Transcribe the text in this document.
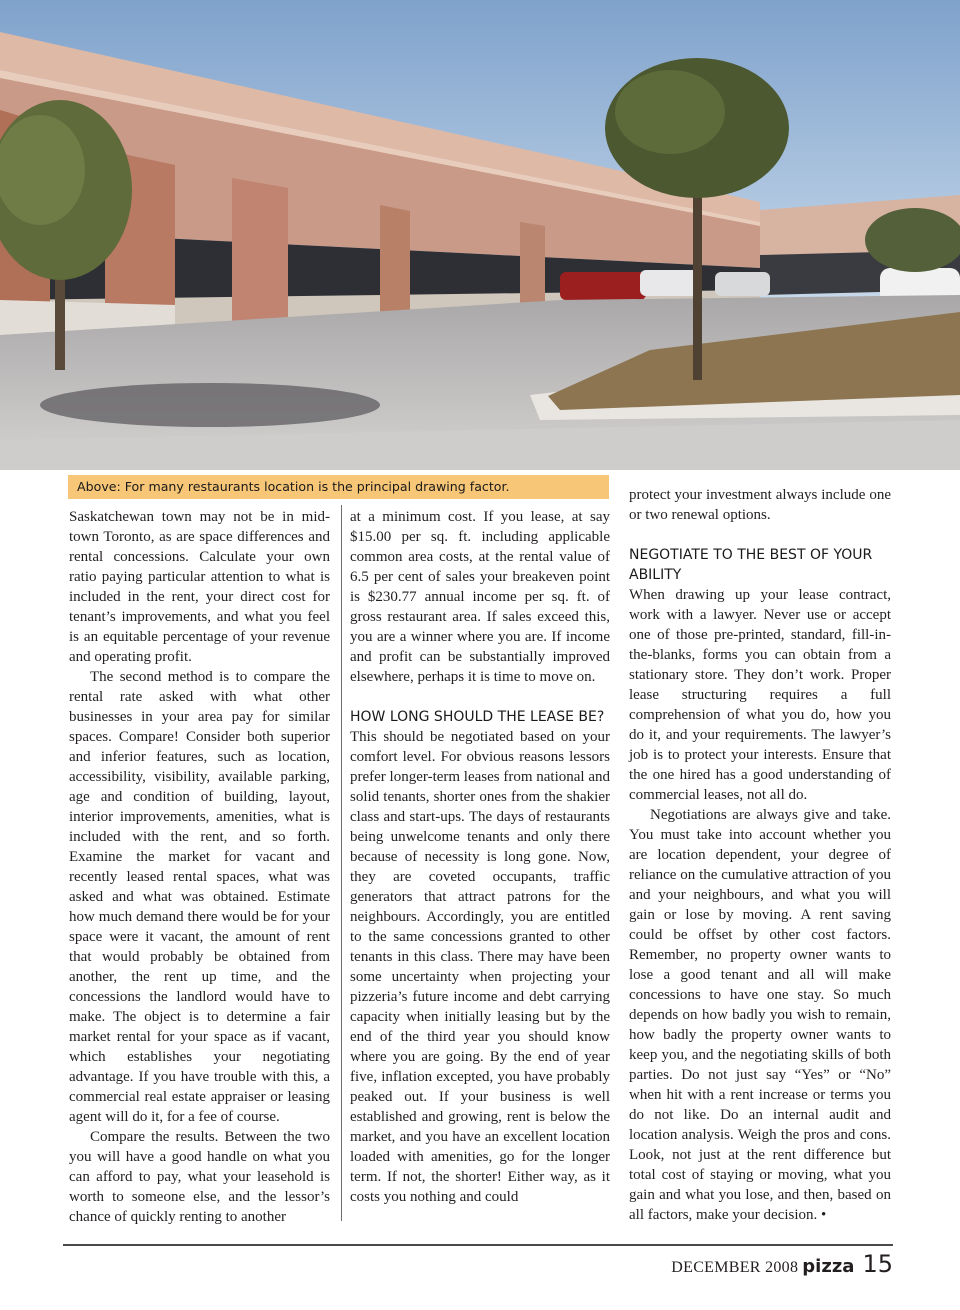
Above: For many restaurants location is the principal drawing factor.

Saskatchewan town may not be in mid-town Toronto, as are space differences and rental concessions. Calculate your own ratio paying particular attention to what is included in the rent, your direct cost for tenant’s improvements, and what you feel is an equitable percentage of your revenue and operating profit.

The second method is to compare the rental rate asked with what other businesses in your area pay for similar spaces. Compare! Consider both superior and inferior features, such as location, accessibility, visibility, available parking, age and condition of building, layout, interior improvements, amenities, what is included with the rent, and so forth. Examine the market for vacant and recently leased rental spaces, what was asked and what was obtained. Estimate how much demand there would be for your space were it vacant, the amount of rent that would probably be obtained from another, the rent up time, and the concessions the landlord would have to make. The object is to determine a fair market rental for your space as if vacant, which establishes your negotiating advantage. If you have trouble with this, a commercial real estate appraiser or leasing agent will do it, for a fee of course.

Compare the results. Between the two you will have a good handle on what you can afford to pay, what your leasehold is worth to someone else, and the lessor’s chance of quickly renting to another

at a minimum cost. If you lease, at say $15.00 per sq. ft. including applicable common area costs, at the rental value of 6.5 per cent of sales your breakeven point is $230.77 annual income per sq. ft. of gross restaurant area. If sales exceed this, you are a winner where you are. If income and profit can be substantially improved elsewhere, perhaps it is time to move on.

HOW LONG SHOULD THE LEASE BE?

This should be negotiated based on your comfort level. For obvious reasons lessors prefer longer-term leases from national and solid tenants, shorter ones from the shakier class and start-ups. The days of restaurants being unwelcome tenants and only there because of necessity is long gone. Now, they are coveted occupants, traffic generators that attract patrons for the neighbours. Accordingly, you are entitled to the same concessions granted to other tenants in this class. There may have been some uncertainty when projecting your pizzeria’s future income and debt carrying capacity when initially leasing but by the end of the third year you should know where you are going. By the end of year five, inflation excepted, you have probably peaked out. If your business is well established and growing, rent is below the market, and you have an excellent location loaded with amenities, go for the longer term. If not, the shorter! Either way, as it costs you nothing and could

protect your investment always include one or two renewal options.

NEGOTIATE TO THE BEST OF YOUR ABILITY

When drawing up your lease contract, work with a lawyer. Never use or accept one of those pre-printed, standard, fill-in-the-blanks, forms you can obtain from a stationary store. They don’t work. Proper lease structuring requires a full comprehension of what you do, how you do it, and your requirements. The lawyer’s job is to protect your interests. Ensure that the one hired has a good understanding of commercial leases, not all do.

Negotiations are always give and take. You must take into account whether you are location dependent, your degree of reliance on the cumulative attraction of you and your neighbours, and what you will gain or lose by moving. A rent saving could be offset by other cost factors. Remember, no property owner wants to lose a good tenant and all will make concessions to have one stay. So much depends on how badly you wish to remain, how badly the property owner wants to keep you, and the negotiating skills of both parties. Do not just say “Yes” or “No” when hit with a rent increase or terms you do not like. Do an internal audit and location analysis. Weigh the pros and cons. Look, not just at the rent difference but total cost of staying or moving, what you gain and what you lose, and then, based on all factors, make your decision. •

DECEMBER 2008 pizza 15
